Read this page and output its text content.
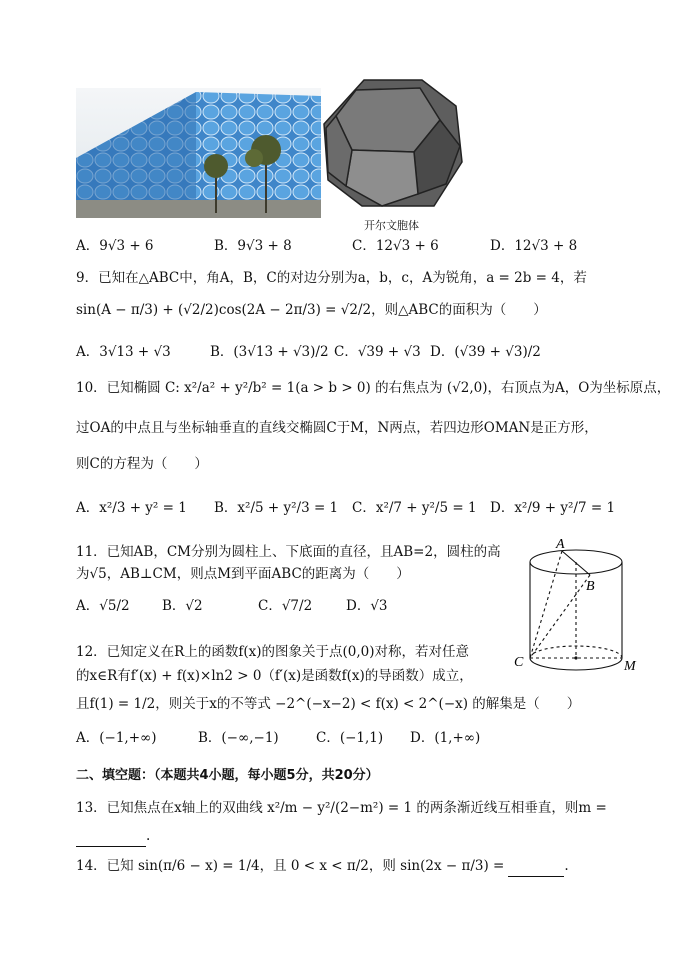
开尔文胞体
A．9√3 + 6	B．9√3 + 8	C．12√3 + 6	D．12√3 + 8
9．已知在△ABC中，角A，B，C的对边分别为a，b，c，A为锐角，a = 2b = 4，若
sin(A − π/3) + (√2/2)cos(2A − 2π/3) = √2/2，则△ABC的面积为（　　）
A．3√13 + √3	B．(3√13 + √3)/2 C．√39 + √3 D．(√39 + √3)/2
10．已知椭圆 C: x²/a² + y²/b² = 1(a > b > 0) 的右焦点为 (√2,0)，右顶点为A，O为坐标原点，
过OA的中点且与坐标轴垂直的直线交椭圆C于M，N两点，若四边形OMAN是正方形，
则C的方程为（　　）
A．x²/3 + y² = 1 B．x²/5 + y²/3 = 1 C．x²/7 + y²/5 = 1 D．x²/9 + y²/7 = 1
11．已知AB，CM分别为圆柱上、下底面的直径，且AB=2，圆柱的高
为√5，AB⊥CM，则点M到平面ABC的距离为（　　）
A．√5/2 B．√2	C．√7/2	D．√3
A
B
C	M
12．已知定义在R上的函数f(x)的图象关于点(0,0)对称，若对任意
的x∈R有f′(x) + f(x)×ln2 > 0（f′(x)是函数f(x)的导函数）成立，
且f(1) = 1/2，则关于x的不等式 −2^(−x−2) < f(x) < 2^(−x) 的解集是（　　）
A．(−1,+∞)	B．(−∞,−1)	C．(−1,1) D．(1,+∞)
二、填空题：（本题共4小题，每小题5分，共20分）
13．已知焦点在x轴上的双曲线 x²/m − y²/(2−m²) = 1 的两条渐近线互相垂直，则m =
.
14．已知 sin(π/6 − x) = 1/4，且 0 < x < π/2，则 sin(2x − π/3) =	.
